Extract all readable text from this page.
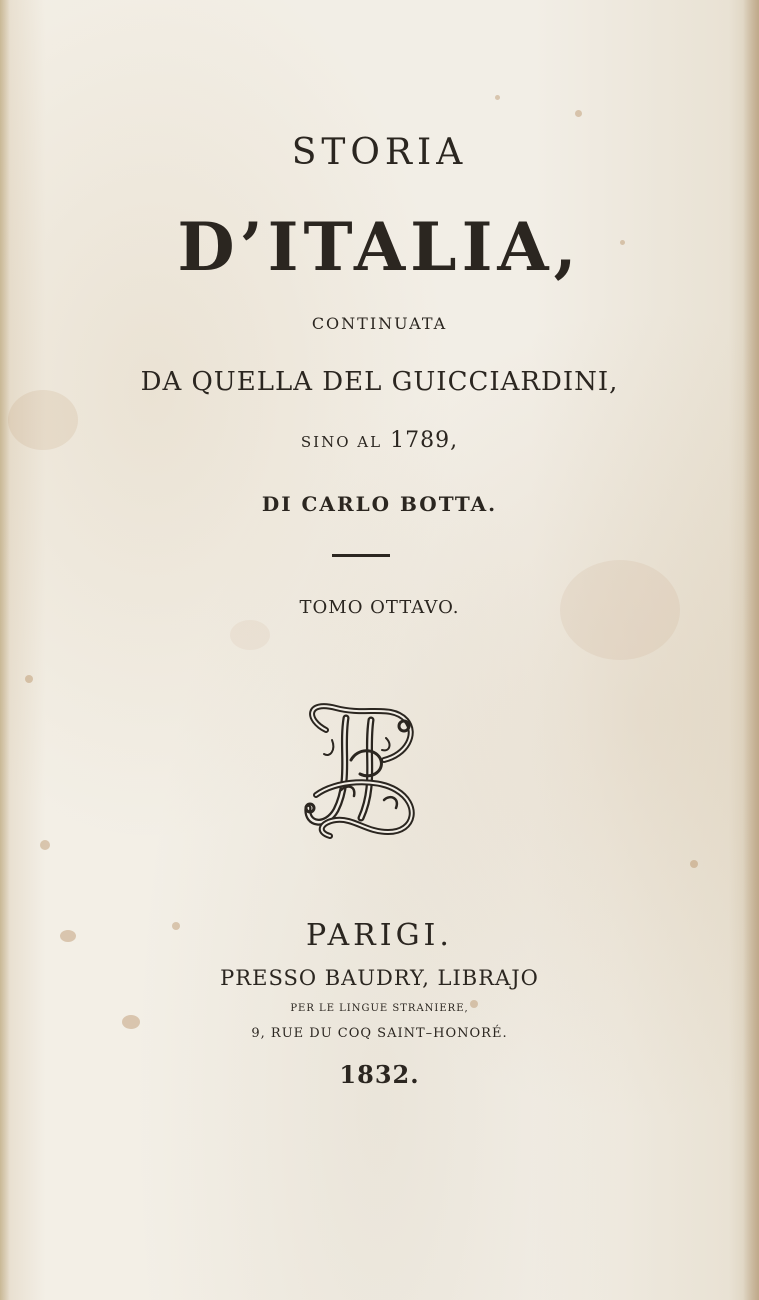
STORIA
D’ITALIA,
CONTINUATA
DA QUELLA DEL GUICCIARDINI,
SINO AL 1789,
DI CARLO BOTTA.
TOMO OTTAVO.
PARIGI.
PRESSO BAUDRY, LIBRAJO
PER LE LINGUE STRANIERE,
9, RUE DU COQ SAINT–HONORÉ.
1832.
